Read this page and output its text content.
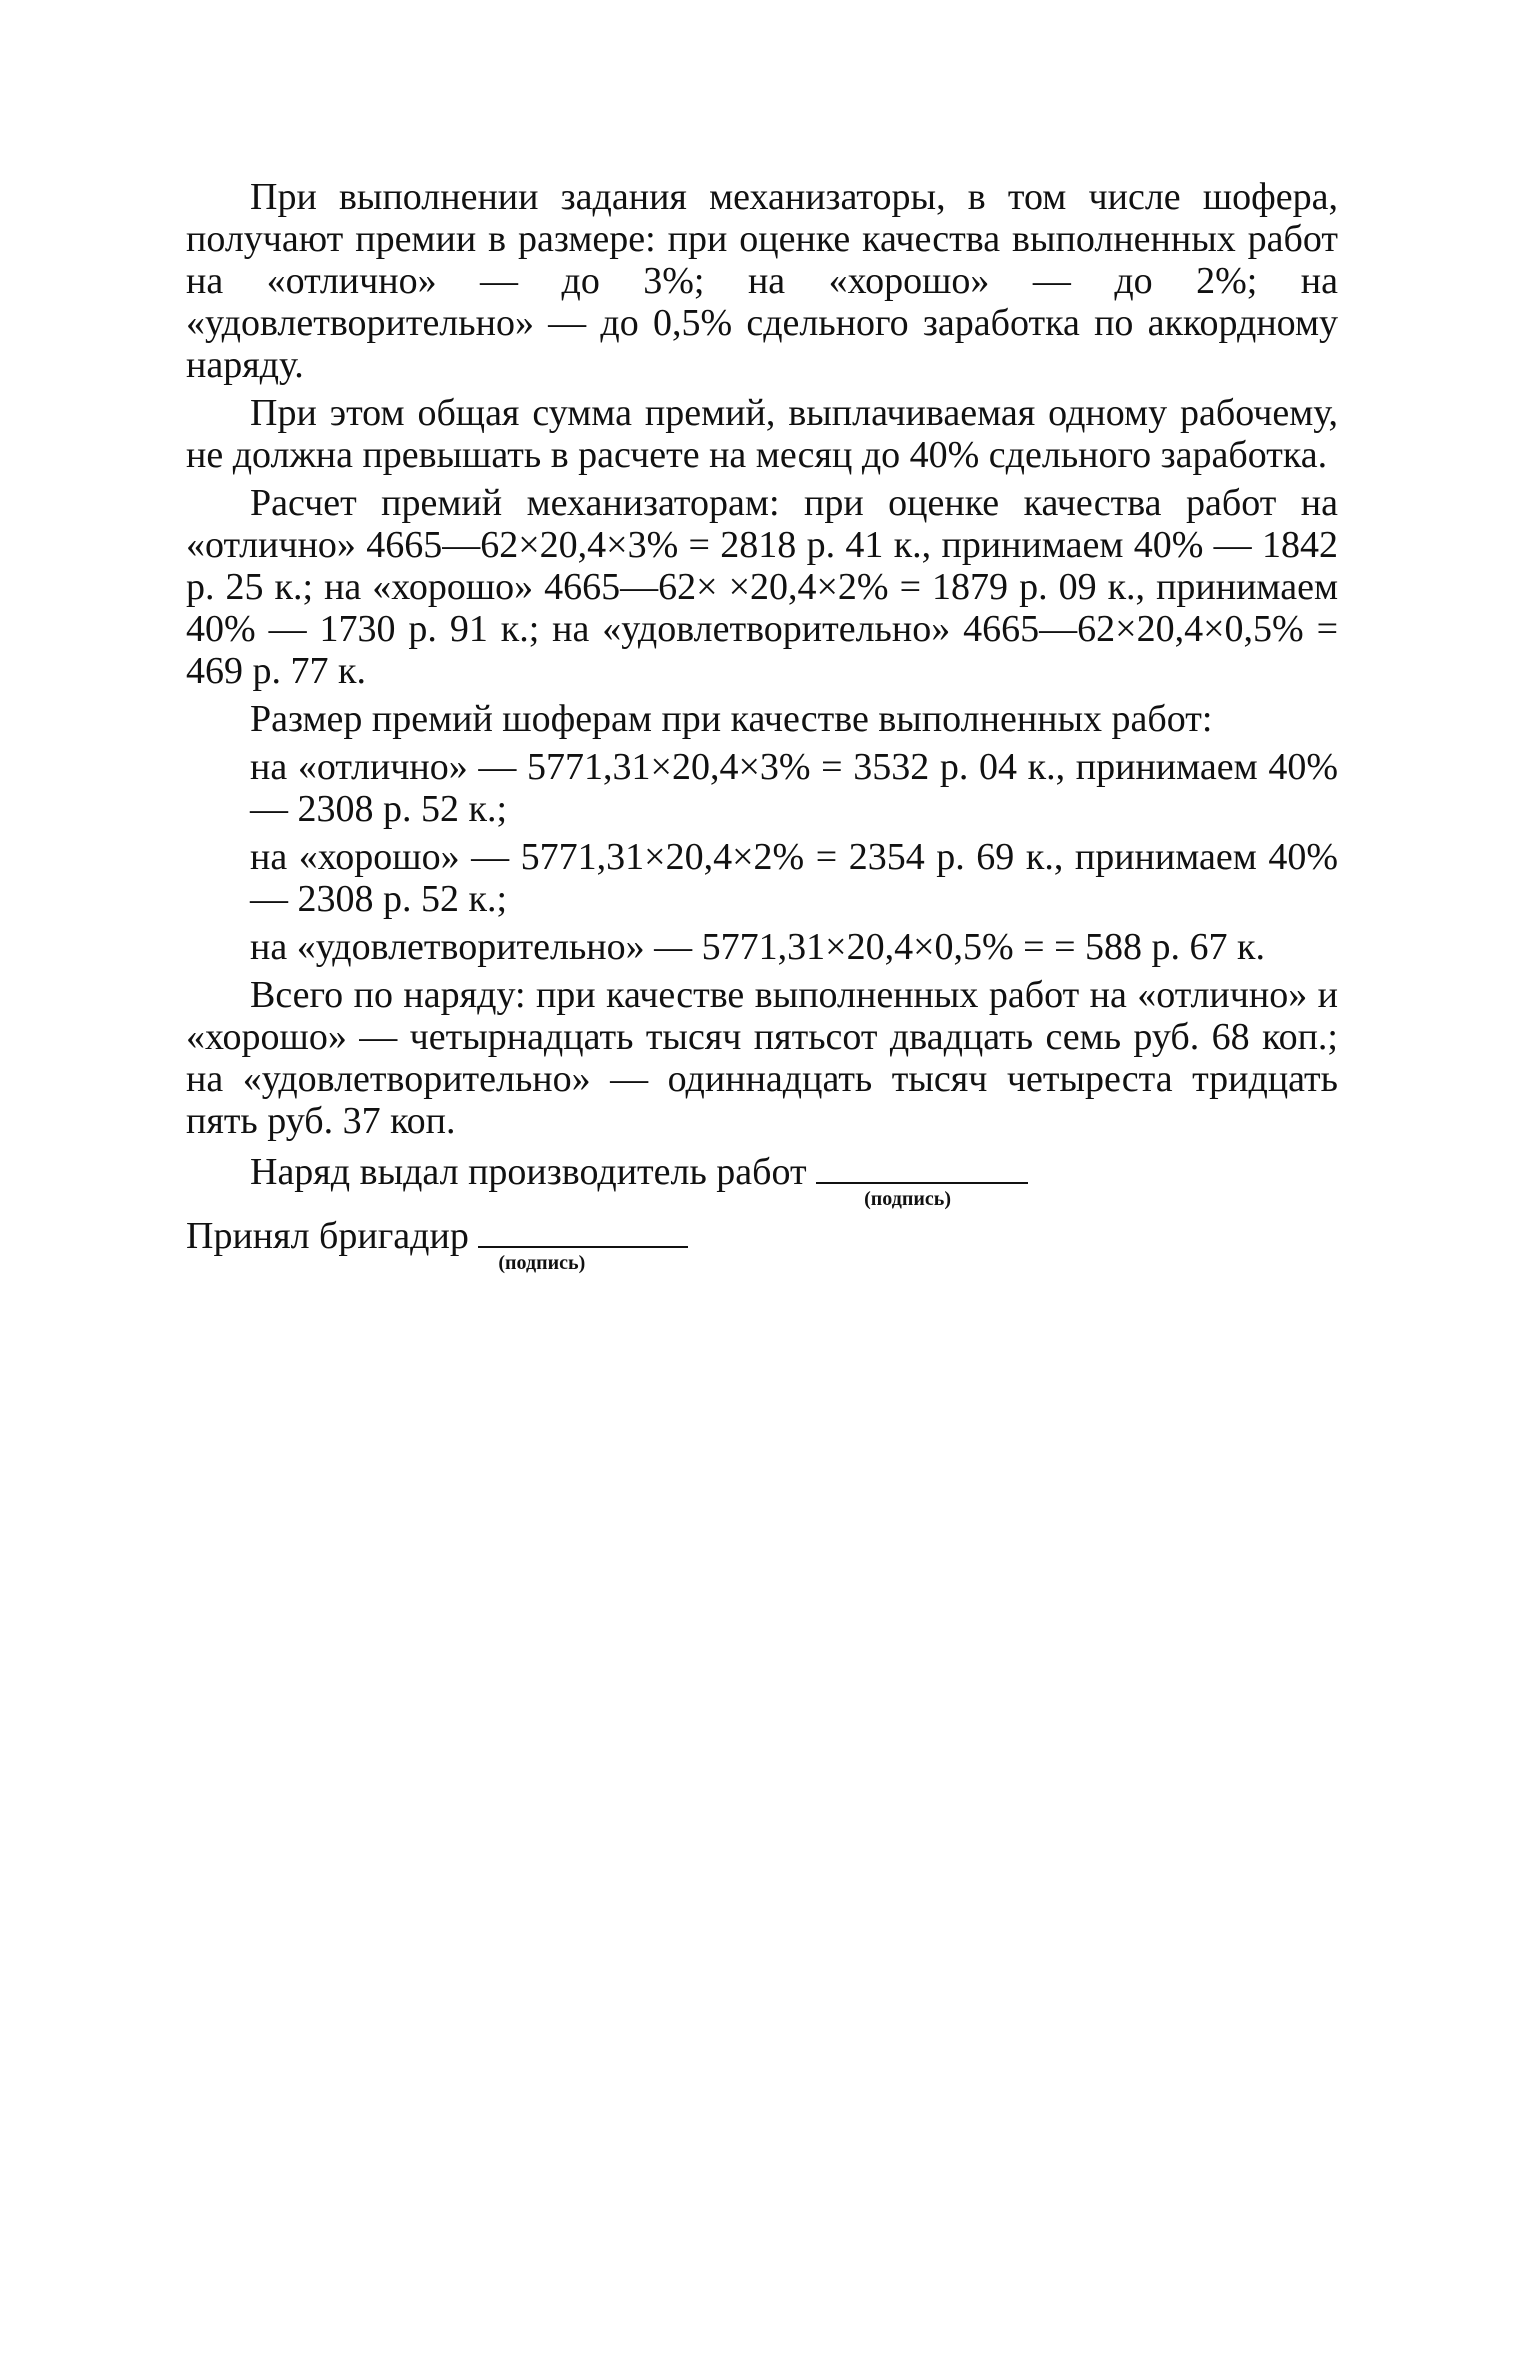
При выполнении задания механизаторы, в том числе шофера, получают премии в размере: при оценке качества выполненных работ на «отлично» — до 3%; на «хорошо» — до 2%; на «удовлетворительно» — до 0,5% сдельного заработка по аккордному наряду.

При этом общая сумма премий, выплачиваемая одному рабочему, не должна превышать в расчете на месяц до 40% сдельного заработка.

Расчет премий механизаторам: при оценке качества работ на «отлично» 4665—62×20,4×3% = 2818 р. 41 к., принимаем 40% — 1842 р. 25 к.; на «хорошо» 4665—62× ×20,4×2% = 1879 р. 09 к., принимаем 40% — 1730 р. 91 к.; на «удовлетворительно» 4665—62×20,4×0,5% = 469 р. 77 к.

Размер премий шоферам при качестве выполненных работ:

на «отлично» — 5771,31×20,4×3% = 3532 р. 04 к., принимаем 40% — 2308 р. 52 к.;

на «хорошо» — 5771,31×20,4×2% = 2354 р. 69 к., принимаем 40% — 2308 р. 52 к.;

на «удовлетворительно» — 5771,31×20,4×0,5% = = 588 р. 67 к.

Всего по наряду: при качестве выполненных работ на «отлично» и «хорошо» — четырнадцать тысяч пятьсот двадцать семь руб. 68 коп.; на «удовлетворительно» — одиннадцать тысяч четыреста тридцать пять руб. 37 коп.

Наряд выдал производитель работ
(подпись)
Принял бригадир
(подпись)
